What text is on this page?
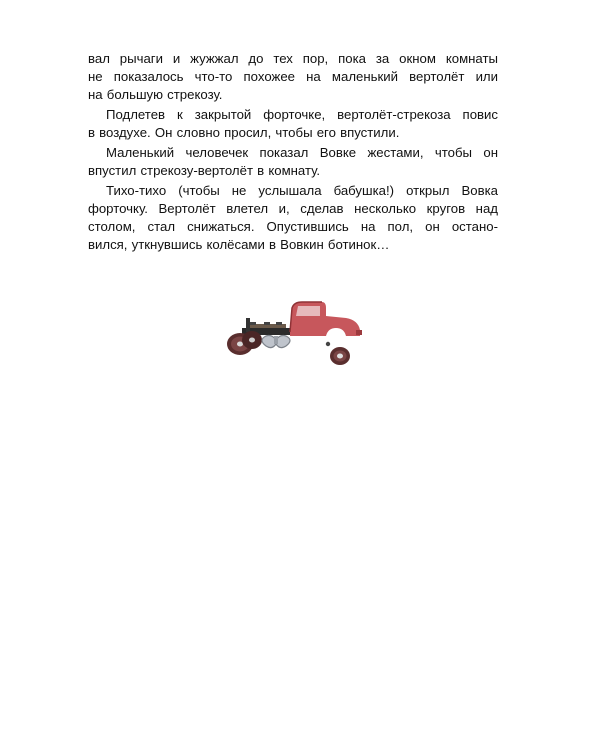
вал рычаги и жужжал до тех пор, пока за окном комнаты
не показалось что-то похожее на маленький вертолёт или
на большую стрекозу.

Подлетев к закрытой форточке, вертолёт-стрекоза повис
в воздухе. Он словно просил, чтобы его впустили.

Маленький человечек показал Вовке жестами, чтобы он
впустил стрекозу-вертолёт в комнату.

Тихо-тихо (чтобы не услышала бабушка!) открыл Вовка
форточку. Вертолёт влетел и, сделав несколько кругов над
столом, стал снижаться. Опустившись на пол, он остано-
вился, уткнувшись колёсами в Вовкин ботинок…
